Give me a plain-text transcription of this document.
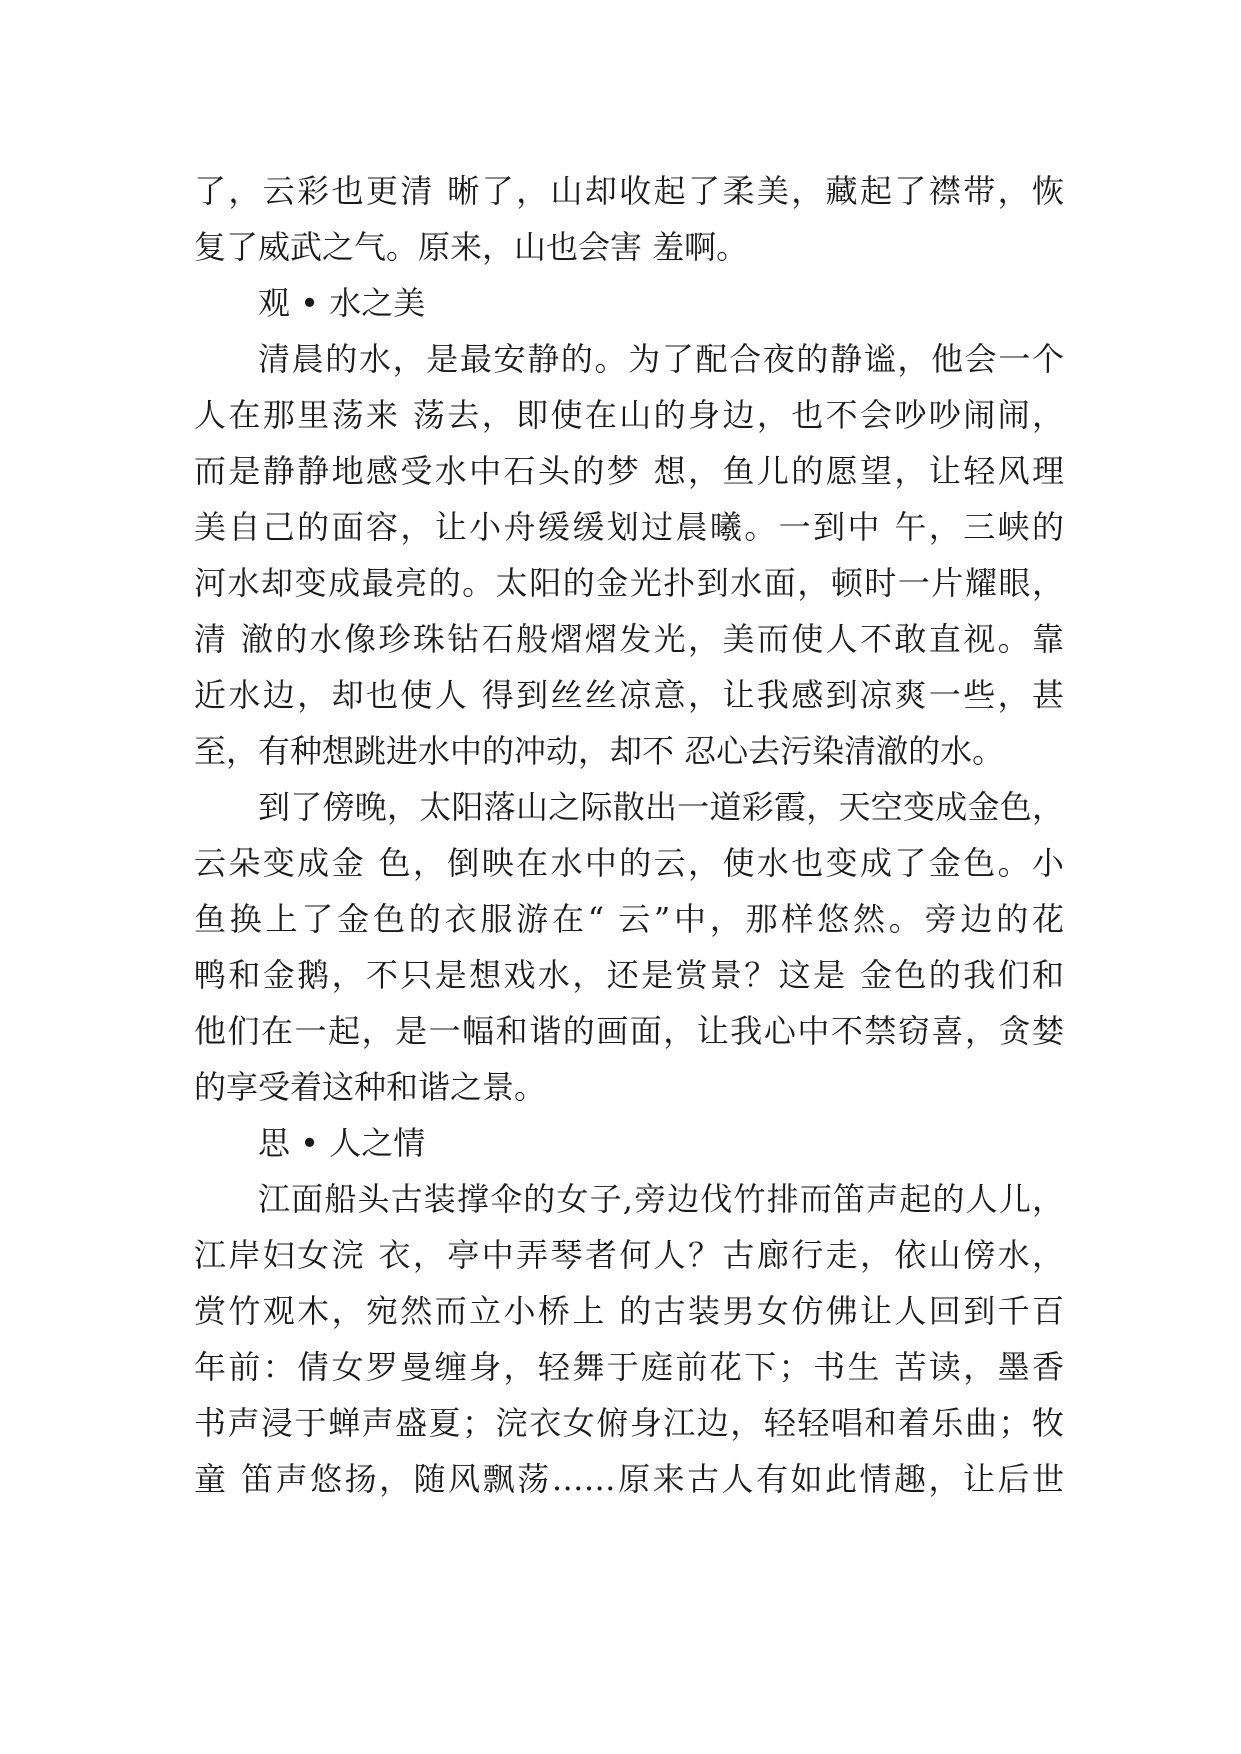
了，云彩也更清 晰了，山却收起了柔美，藏起了襟带，恢
复了威武之气。原来，山也会害 羞啊。
观 • 水之美
清晨的水，是最安静的。为了配合夜的静谧，他会一个
人在那里荡来 荡去，即使在山的身边，也不会吵吵闹闹，
而是静静地感受水中石头的梦 想，鱼儿的愿望，让轻风理
美自己的面容，让小舟缓缓划过晨曦。一到中 午，三峡的
河水却变成最亮的。太阳的金光扑到水面，顿时一片耀眼，
清 澈的水像珍珠钻石般熠熠发光，美而使人不敢直视。靠
近水边，却也使人 得到丝丝凉意，让我感到凉爽一些，甚
至，有种想跳进水中的冲动，却不 忍心去污染清澈的水。
到了傍晚，太阳落山之际散出一道彩霞，天空变成金色，
云朵变成金 色，倒映在水中的云，使水也变成了金色。小
鱼换上了金色的衣服游在“ 云”中，那样悠然。旁边的花
鸭和金鹅，不只是想戏水，还是赏景？这是 金色的我们和
他们在一起，是一幅和谐的画面，让我心中不禁窃喜，贪婪
的享受着这种和谐之景。
思 • 人之情
江面船头古装撑伞的女子,旁边伐竹排而笛声起的人儿，
江岸妇女浣 衣，亭中弄琴者何人？古廊行走，依山傍水，
赏竹观木，宛然而立小桥上 的古装男女仿佛让人回到千百
年前：倩女罗曼缠身，轻舞于庭前花下；书生 苦读，墨香
书声浸于蝉声盛夏；浣衣女俯身江边，轻轻唱和着乐曲；牧
童 笛声悠扬，随风飘荡……原来古人有如此情趣，让后世
